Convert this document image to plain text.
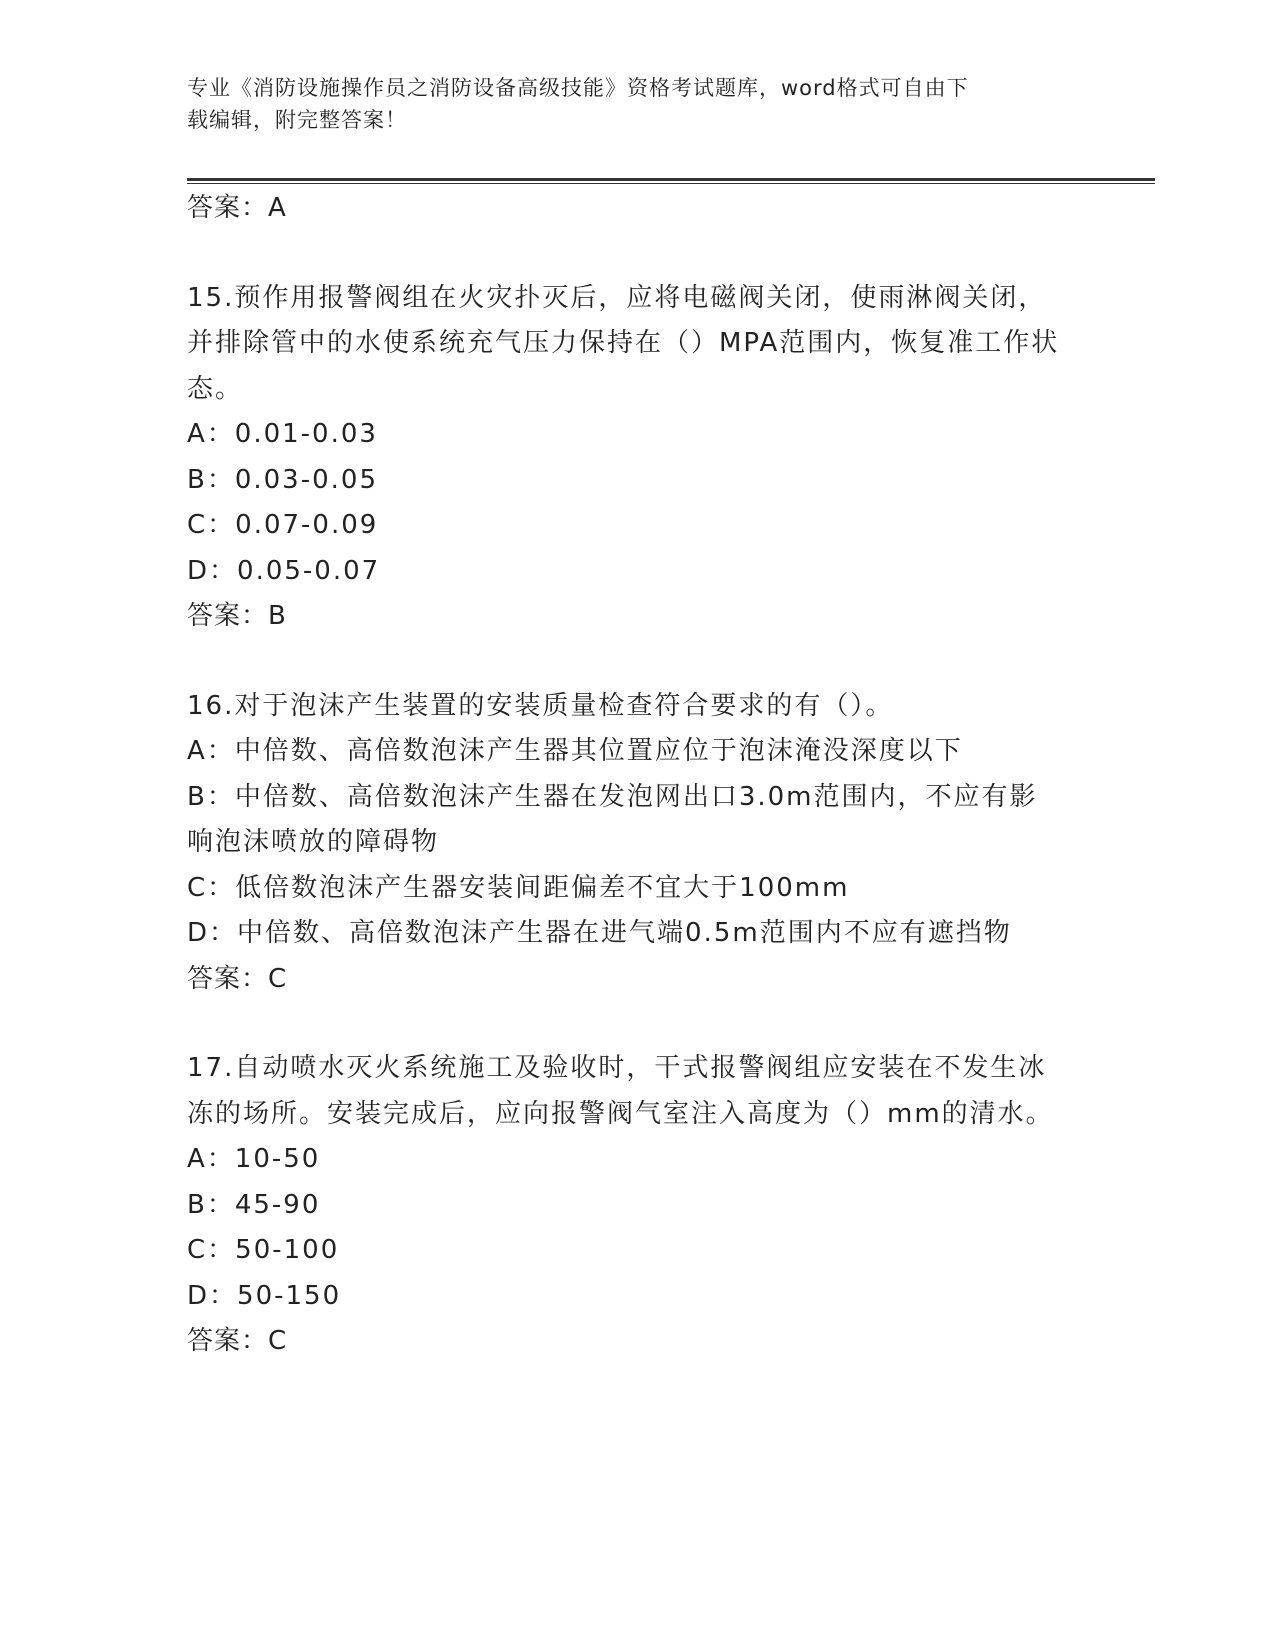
专业《消防设施操作员之消防设备高级技能》资格考试题库，word格式可自由下
载编辑，附完整答案！
答案：A
15.预作用报警阀组在火灾扑灭后，应将电磁阀关闭，使雨淋阀关闭，
并排除管中的水使系统充气压力保持在（）MPA范围内，恢复准工作状
态。
A：0.01-0.03
B：0.03-0.05
C：0.07-0.09
D：0.05-0.07
答案：B
16.对于泡沫产生装置的安装质量检查符合要求的有（）。
A：中倍数、高倍数泡沫产生器其位置应位于泡沫淹没深度以下
B：中倍数、高倍数泡沫产生器在发泡网出口3.0m范围内，不应有影
响泡沫喷放的障碍物
C：低倍数泡沫产生器安装间距偏差不宜大于100mm
D：中倍数、高倍数泡沫产生器在进气端0.5m范围内不应有遮挡物
答案：C
17.自动喷水灭火系统施工及验收时，干式报警阀组应安装在不发生冰
冻的场所。安装完成后，应向报警阀气室注入高度为（）mm的清水。
A：10-50
B：45-90
C：50-100
D：50-150
答案：C
